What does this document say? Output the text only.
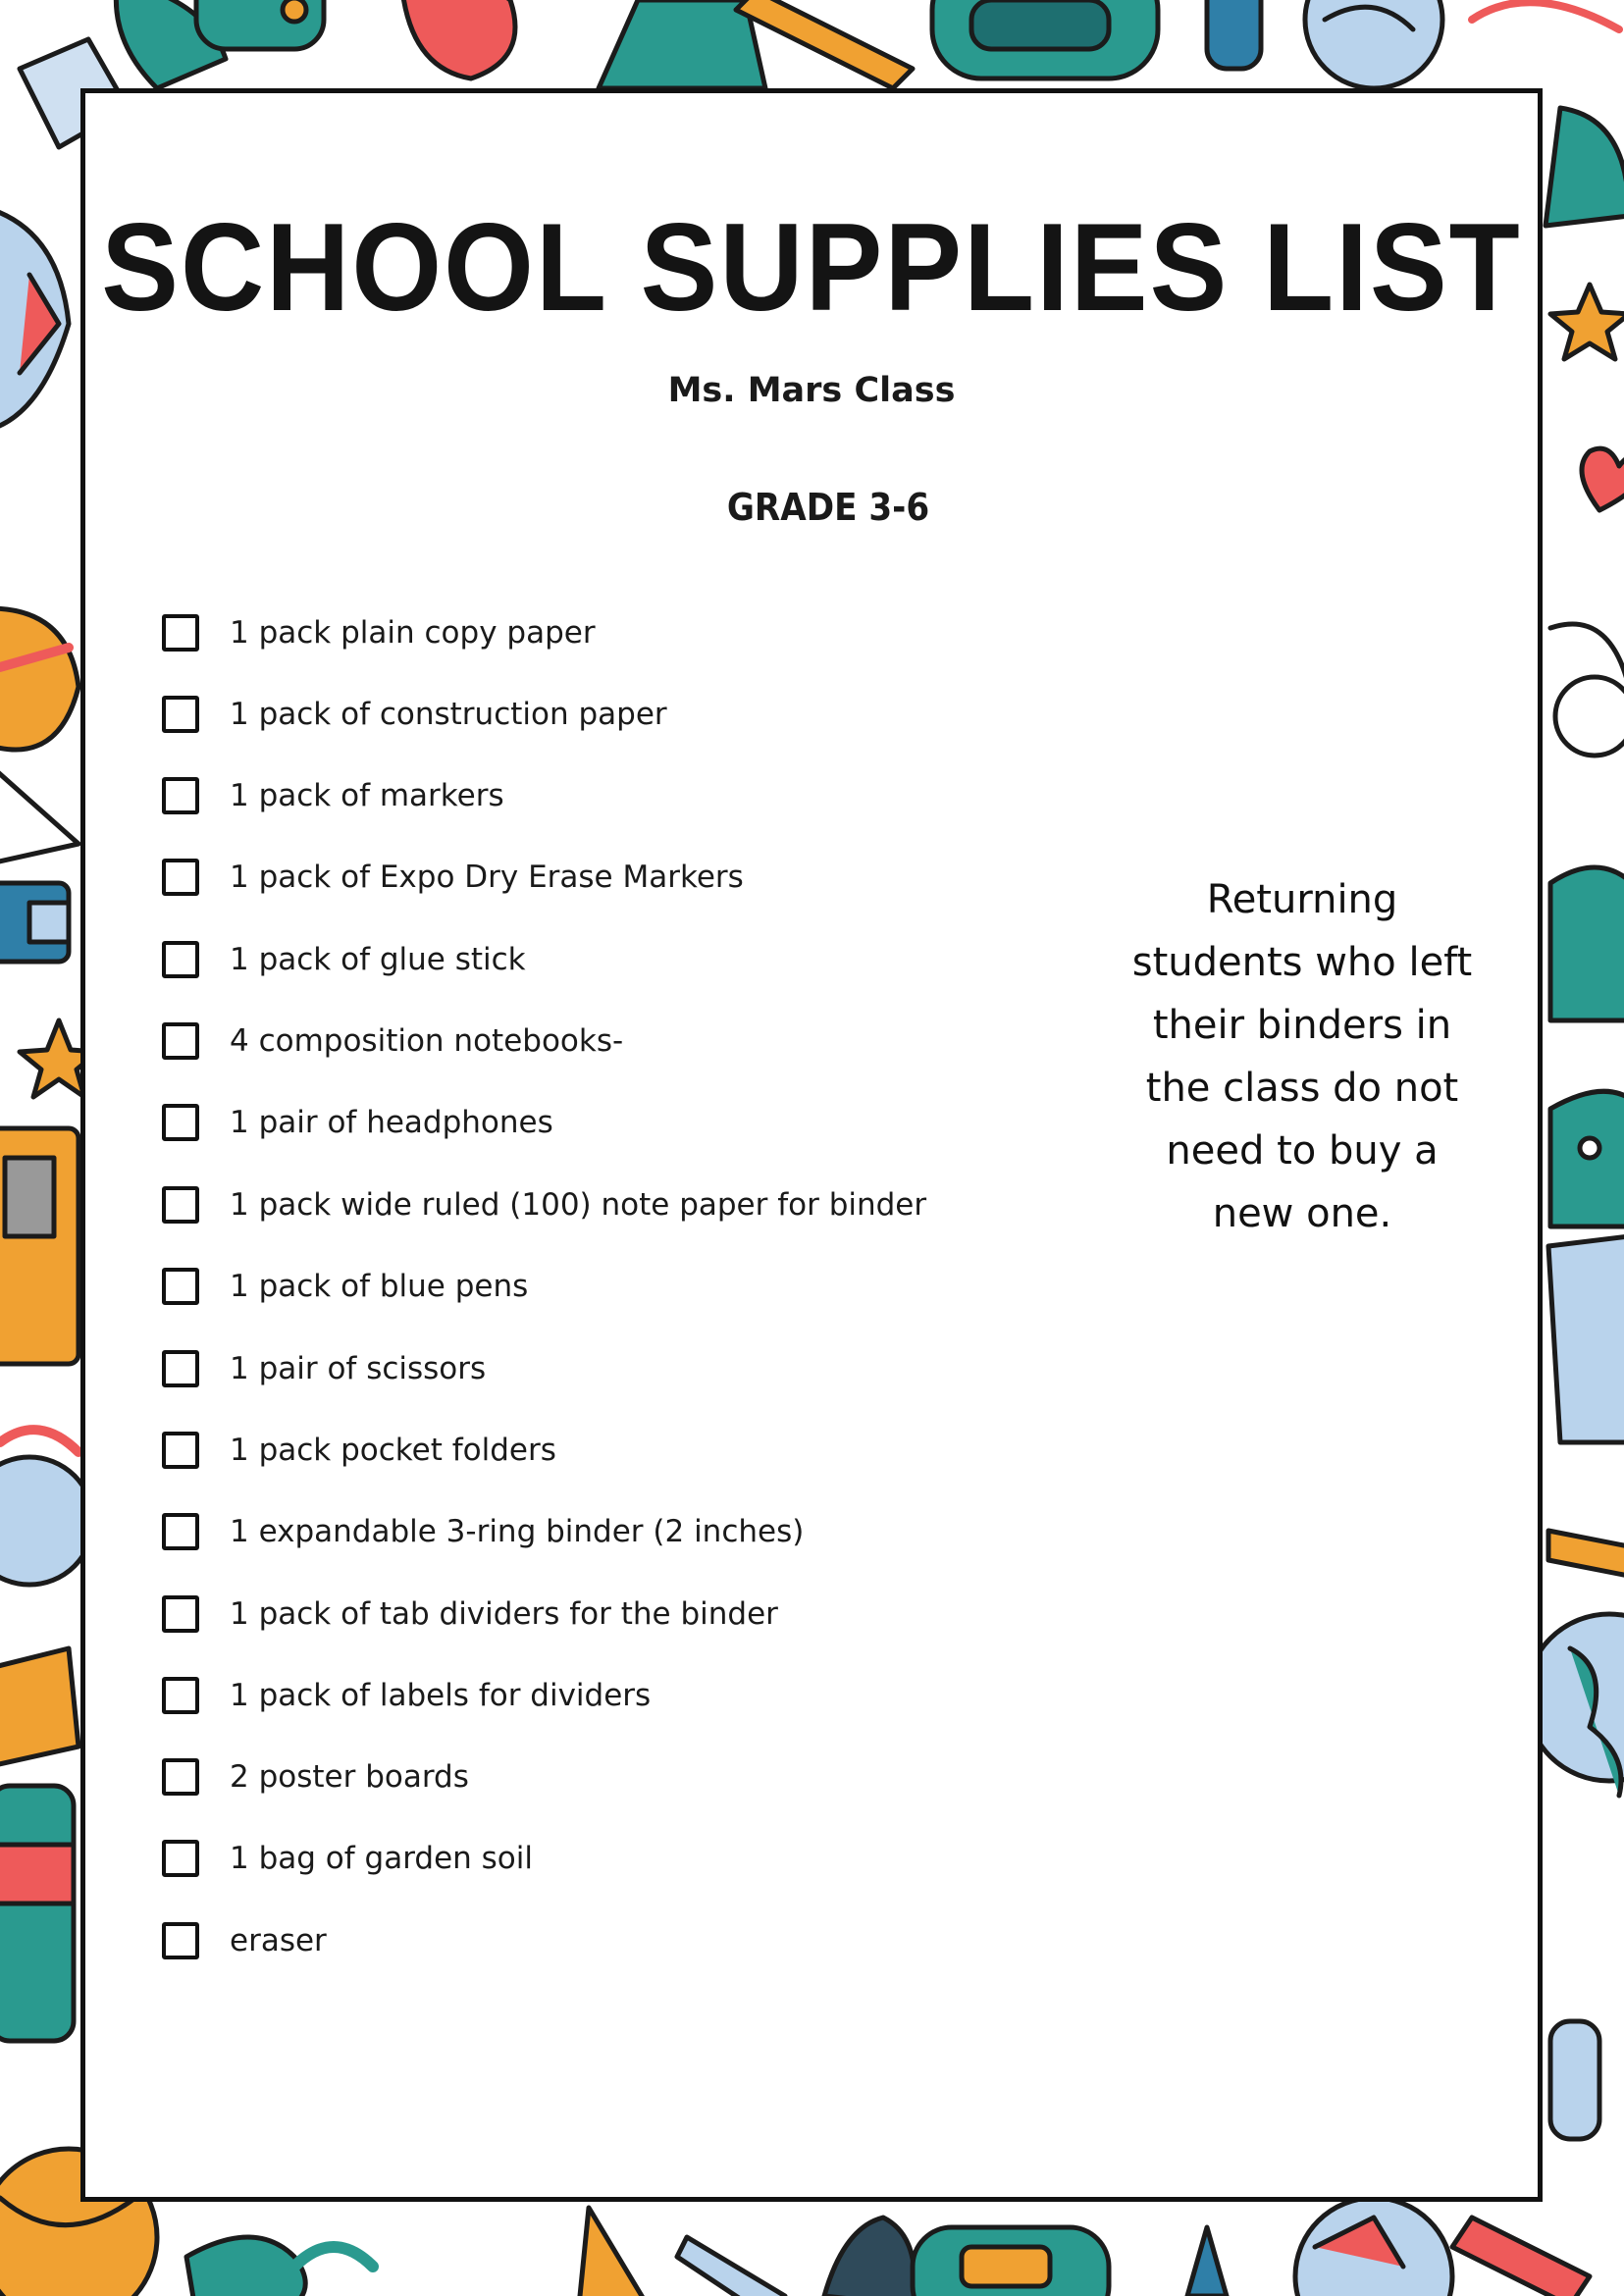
SCHOOL SUPPLIES LIST
Ms. Mars Class
GRADE 3-6
1 pack plain copy paper
1 pack of construction paper
1 pack of markers
1 pack of Expo Dry Erase Markers
1 pack of glue stick
4 composition notebooks-
1 pair of headphones
1 pack wide ruled (100) note paper for binder
1 pack of blue pens
1 pair of scissors
1 pack pocket folders
1 expandable 3-ring binder (2 inches)
1 pack of tab dividers for the binder
1 pack of labels for dividers
2 poster boards
1 bag of garden soil
eraser
Returning
students who left
their binders in
the class do not
need to buy a
new one.
